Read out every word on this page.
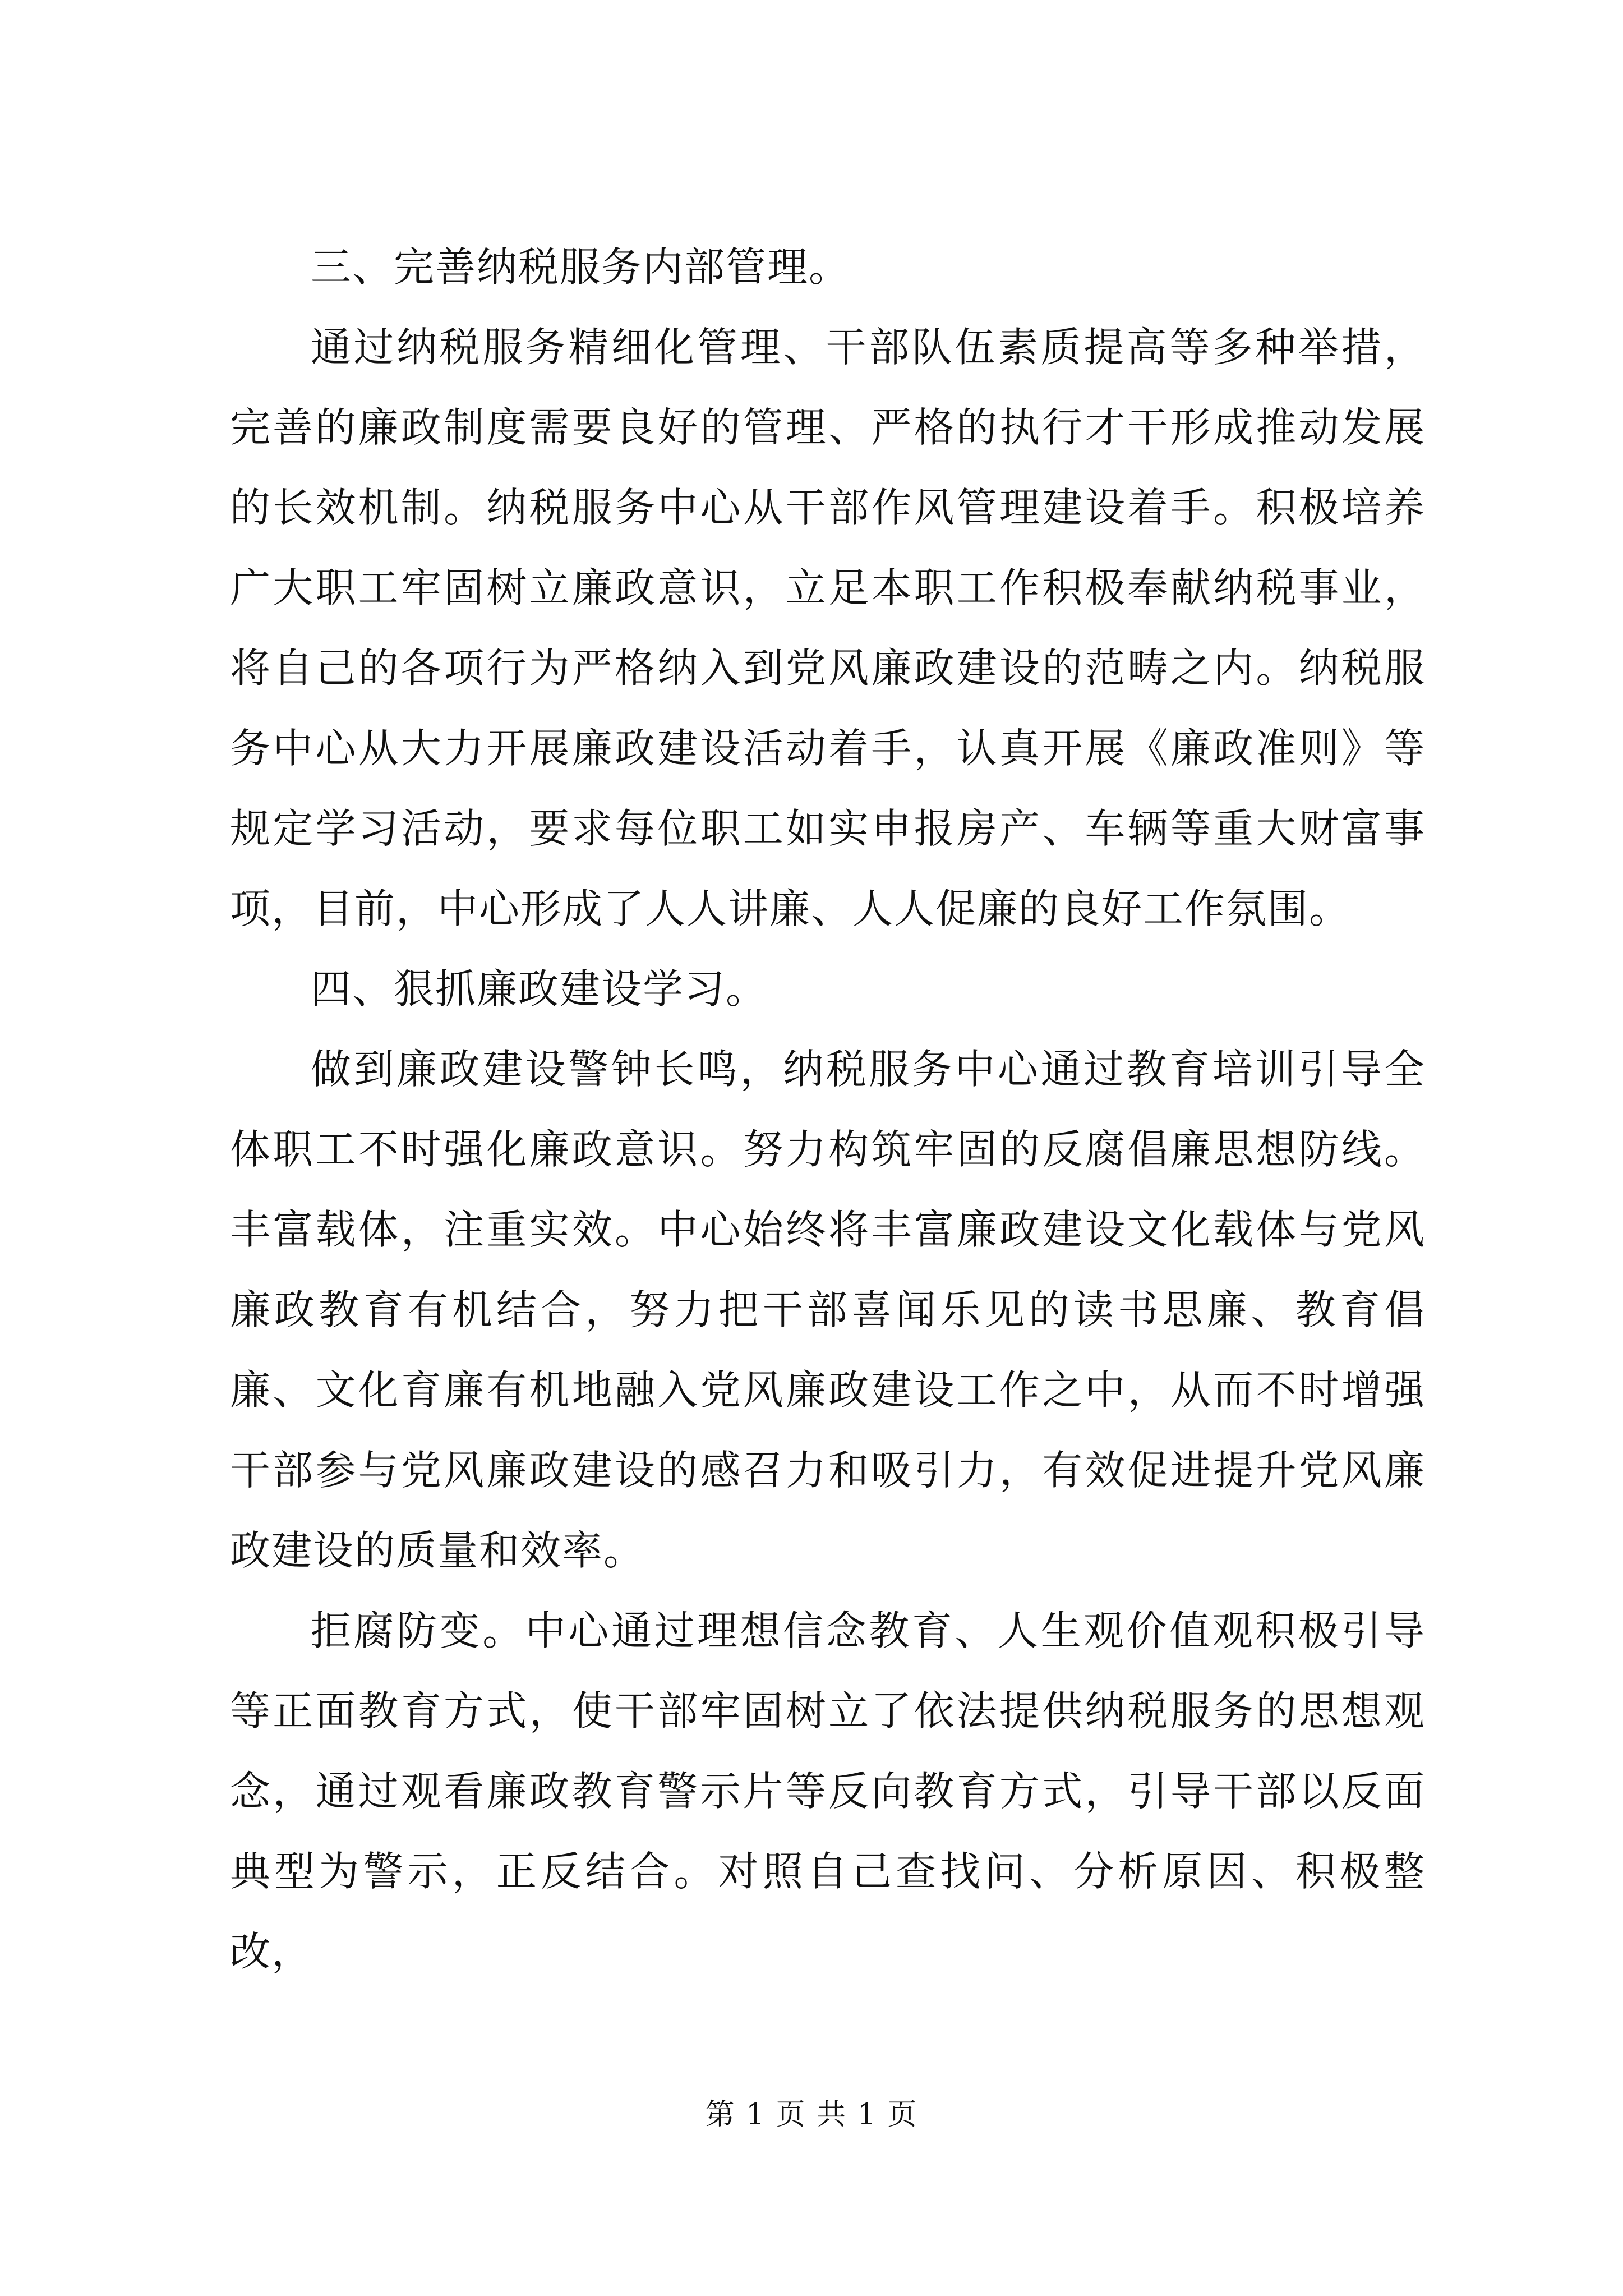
三、完善纳税服务内部管理。

通过纳税服务精细化管理、干部队伍素质提高等多种举措，完善的廉政制度需要良好的管理、严格的执行才干形成推动发展的长效机制。纳税服务中心从干部作风管理建设着手。积极培养广大职工牢固树立廉政意识，立足本职工作积极奉献纳税事业，将自己的各项行为严格纳入到党风廉政建设的范畴之内。纳税服务中心从大力开展廉政建设活动着手，认真开展《廉政准则》等规定学习活动，要求每位职工如实申报房产、车辆等重大财富事项，目前，中心形成了人人讲廉、人人促廉的良好工作氛围。

四、狠抓廉政建设学习。

做到廉政建设警钟长鸣，纳税服务中心通过教育培训引导全体职工不时强化廉政意识。努力构筑牢固的反腐倡廉思想防线。丰富载体，注重实效。中心始终将丰富廉政建设文化载体与党风廉政教育有机结合，努力把干部喜闻乐见的读书思廉、教育倡廉、文化育廉有机地融入党风廉政建设工作之中，从而不时增强干部参与党风廉政建设的感召力和吸引力，有效促进提升党风廉政建设的质量和效率。

拒腐防变。中心通过理想信念教育、人生观价值观积极引导等正面教育方式，使干部牢固树立了依法提供纳税服务的思想观念，通过观看廉政教育警示片等反向教育方式，引导干部以反面典型为警示，正反结合。对照自己查找问、分析原因、积极整改，

第 1 页 共 1 页
